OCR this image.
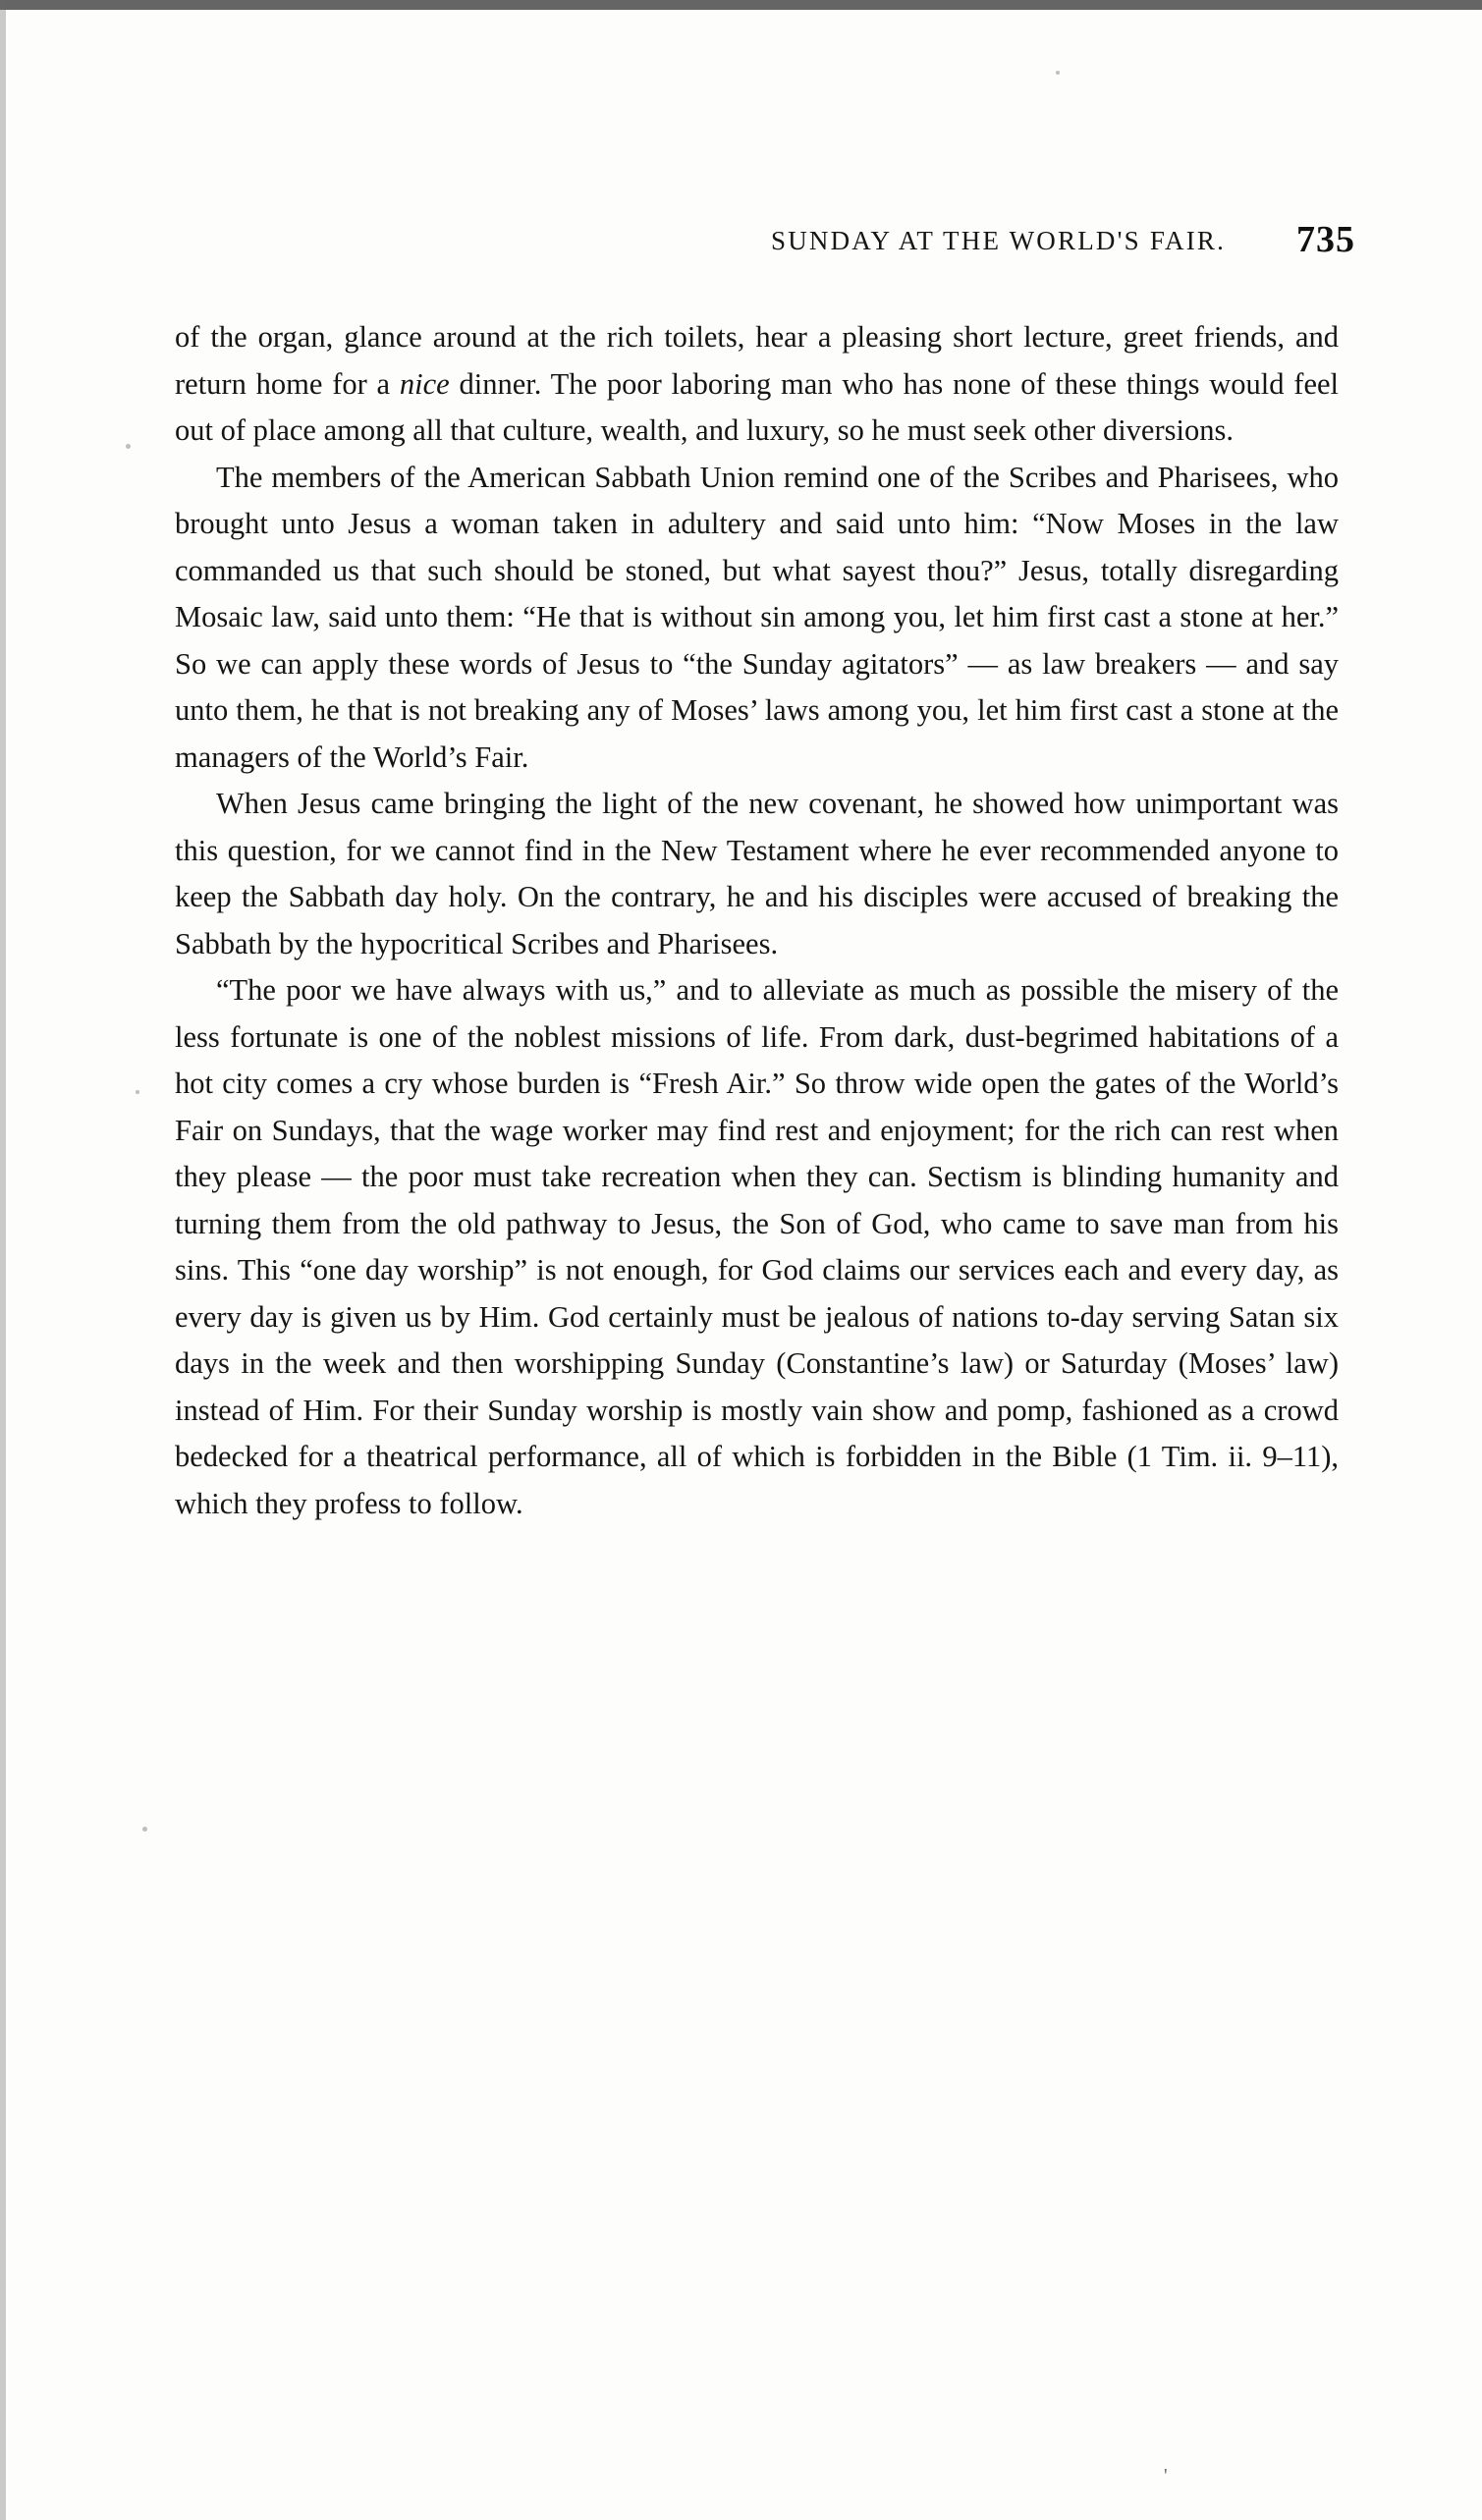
SUNDAY AT THE WORLD'S FAIR. 735

of the organ, glance around at the rich toilets, hear a pleasing short lecture, greet friends, and return home for a nice dinner. The poor laboring man who has none of these things would feel out of place among all that culture, wealth, and luxury, so he must seek other diversions.

The members of the American Sabbath Union remind one of the Scribes and Pharisees, who brought unto Jesus a woman taken in adultery and said unto him: “Now Moses in the law commanded us that such should be stoned, but what sayest thou?” Jesus, totally disregarding Mosaic law, said unto them: “He that is without sin among you, let him first cast a stone at her.” So we can apply these words of Jesus to “the Sunday agitators” — as law breakers — and say unto them, he that is not breaking any of Moses’ laws among you, let him first cast a stone at the managers of the World’s Fair.

When Jesus came bringing the light of the new covenant, he showed how unimportant was this question, for we cannot find in the New Testament where he ever recommended anyone to keep the Sabbath day holy. On the contrary, he and his disciples were accused of breaking the Sabbath by the hypocritical Scribes and Pharisees.

“The poor we have always with us,” and to alleviate as much as possible the misery of the less fortunate is one of the noblest missions of life. From dark, dust-begrimed habitations of a hot city comes a cry whose burden is “Fresh Air.” So throw wide open the gates of the World’s Fair on Sundays, that the wage worker may find rest and enjoyment; for the rich can rest when they please — the poor must take recreation when they can. Sectism is blinding humanity and turning them from the old pathway to Jesus, the Son of God, who came to save man from his sins. This “one day worship” is not enough, for God claims our services each and every day, as every day is given us by Him. God certainly must be jealous of nations to-day serving Satan six days in the week and then worshipping Sunday (Constantine’s law) or Saturday (Moses’ law) instead of Him. For their Sunday worship is mostly vain show and pomp, fashioned as a crowd bedecked for a theatrical performance, all of which is forbidden in the Bible (1 Tim. ii. 9–11), which they profess to follow.

'
